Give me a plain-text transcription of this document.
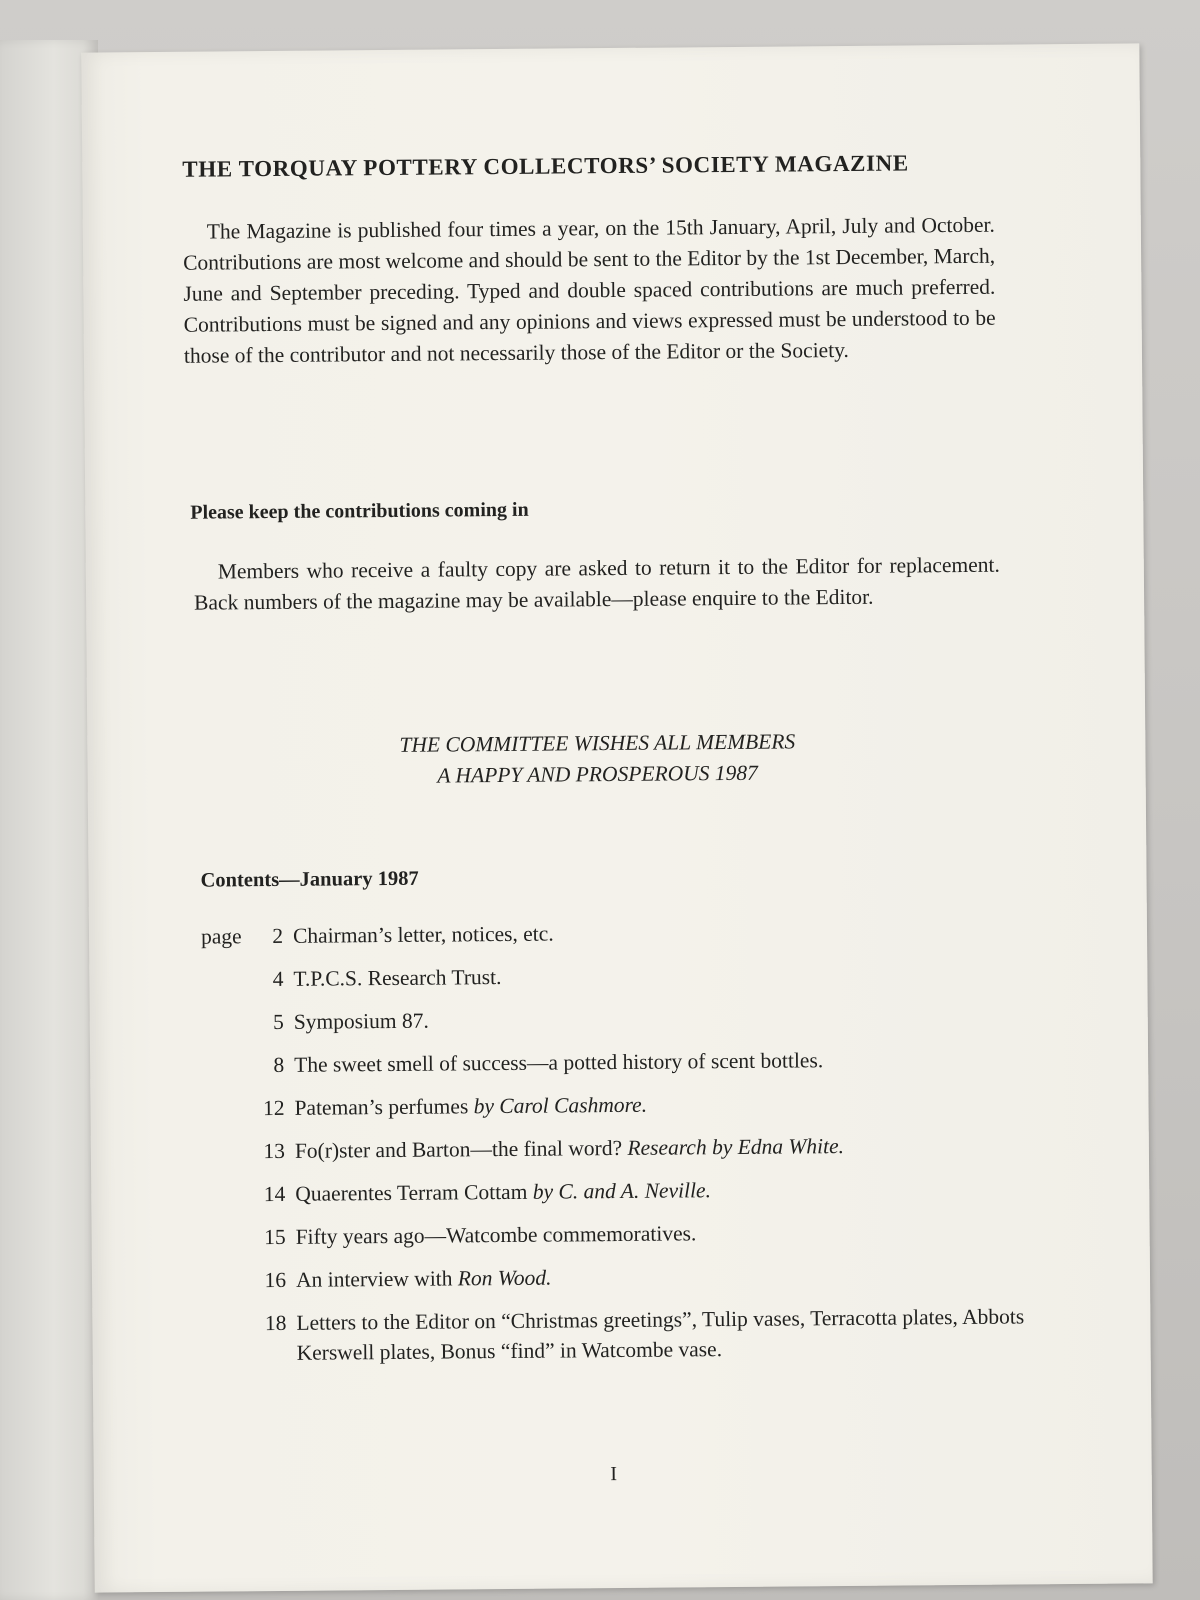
THE TORQUAY POTTERY COLLECTORS’ SOCIETY MAGAZINE

The Magazine is published four times a year, on the 15th January, April, July and October. Contributions are most welcome and should be sent to the Editor by the 1st December, March, June and September preceding. Typed and double spaced contributions are much preferred. Contributions must be signed and any opinions and views expressed must be understood to be those of the contributor and not necessarily those of the Editor or the Society.

Please keep the contributions coming in

Members who receive a faulty copy are asked to return it to the Editor for replacement. Back numbers of the magazine may be available—please enquire to the Editor.

THE COMMITTEE WISHES ALL MEMBERS
A HAPPY AND PROSPEROUS 1987
Contents—January 1987
page	2 Chairman’s letter, notices, etc.
4 T.P.C.S. Research Trust.
5 Symposium 87.
8 The sweet smell of success—a potted history of scent bottles.
12 Pateman’s perfumes by Carol Cashmore.
13 Fo(r)ster and Barton—the final word? Research by Edna White.
14 Quaerentes Terram Cottam by C. and A. Neville.
15 Fifty years ago—Watcombe commemoratives.
16 An interview with Ron Wood.
18 Letters to the Editor on “Christmas greetings”, Tulip vases, Terracotta plates, Abbots Kerswell plates, Bonus “find” in Watcombe vase.
I
